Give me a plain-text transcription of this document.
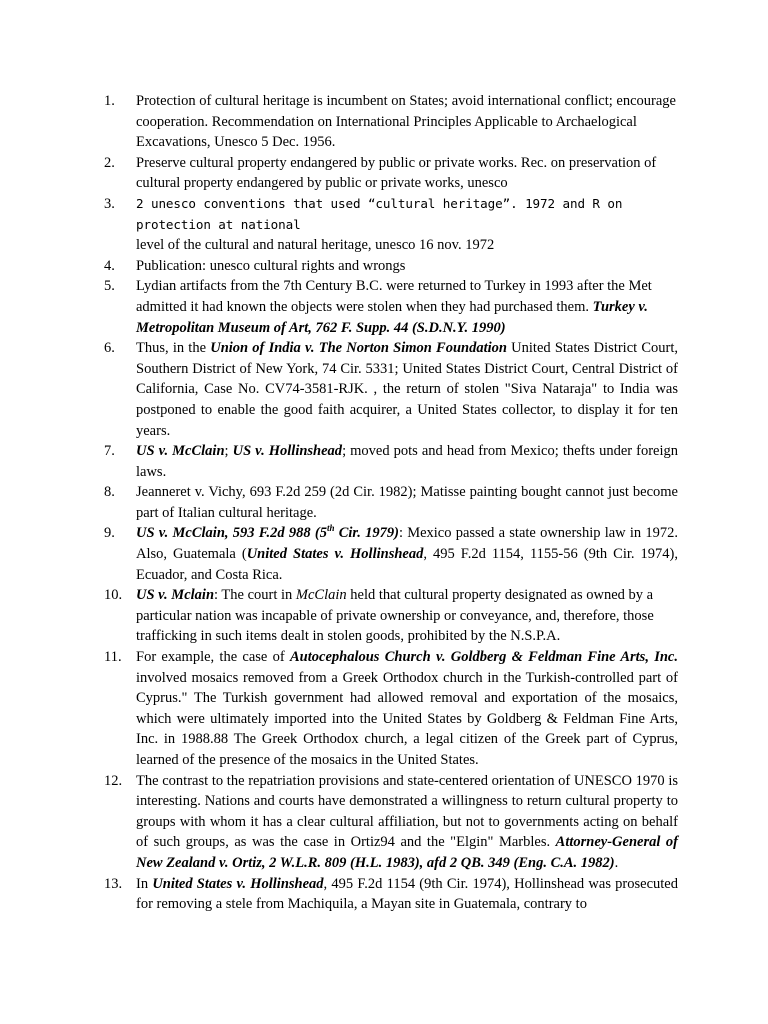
1.	Protection of cultural heritage is incumbent on States; avoid international conflict; encourage cooperation. Recommendation on International Principles Applicable to Archaelogical Excavations, Unesco 5 Dec. 1956.
2.	Preserve cultural property endangered by public or private works. Rec. on preservation of cultural property endangered by public or private works, unesco
3.	2 unesco conventions that used “cultural heritage”. 1972 and R on protection at national
level of the cultural and natural heritage, unesco 16 nov. 1972
4.	Publication: unesco cultural rights and wrongs
5.	Lydian artifacts from the 7th Century B.C. were returned to Turkey in 1993 after the Met admitted it had known the objects were stolen when they had purchased them. Turkey v. Metropolitan Museum of Art, 762 F. Supp. 44 (S.D.N.Y. 1990)
6.	Thus, in the Union of India v. The Norton Simon Foundation United States District Court, Southern District of New York, 74 Cir. 5331; United States District Court, Central District of California, Case No. CV74-3581-RJK. , the return of stolen "Siva Nataraja" to India was postponed to enable the good faith acquirer, a United States collector, to display it for ten years.
7.	US v. McClain; US v. Hollinshead; moved pots and head from Mexico; thefts under foreign laws.
8.	Jeanneret v. Vichy, 693 F.2d 259 (2d Cir. 1982); Matisse painting bought cannot just become part of Italian cultural heritage.
9.	US v. McClain, 593 F.2d 988 (5th Cir. 1979): Mexico passed a state ownership law in 1972. Also, Guatemala (United States v. Hollinshead, 495 F.2d 1154, 1155-56 (9th Cir. 1974), Ecuador, and Costa Rica.
10. US v. Mclain: The court in McClain held that cultural property designated as owned by a particular nation was incapable of private ownership or conveyance, and, therefore, those trafficking in such items dealt in stolen goods, prohibited by the N.S.P.A.
11. For example, the case of Autocephalous Church v. Goldberg & Feldman Fine Arts, Inc. involved mosaics removed from a Greek Orthodox church in the Turkish-controlled part of Cyprus." The Turkish government had allowed removal and exportation of the mosaics, which were ultimately imported into the United States by Goldberg & Feldman Fine Arts, Inc. in 1988.88 The Greek Orthodox church, a legal citizen of the Greek part of Cyprus, learned of the presence of the mosaics in the United States.
12. The contrast to the repatriation provisions and state-centered orientation of UNESCO 1970 is interesting. Nations and courts have demonstrated a willingness to return cultural property to groups with whom it has a clear cultural affiliation, but not to governments acting on behalf of such groups, as was the case in Ortiz94 and the "Elgin" Marbles. Attorney-General of New Zealand v. Ortiz, 2 W.L.R. 809 (H.L. 1983), afd 2 QB. 349 (Eng. C.A. 1982).
13. In United States v. Hollinshead, 495 F.2d 1154 (9th Cir. 1974), Hollinshead was prosecuted for removing a stele from Machiquila, a Mayan site in Guatemala, contrary to
